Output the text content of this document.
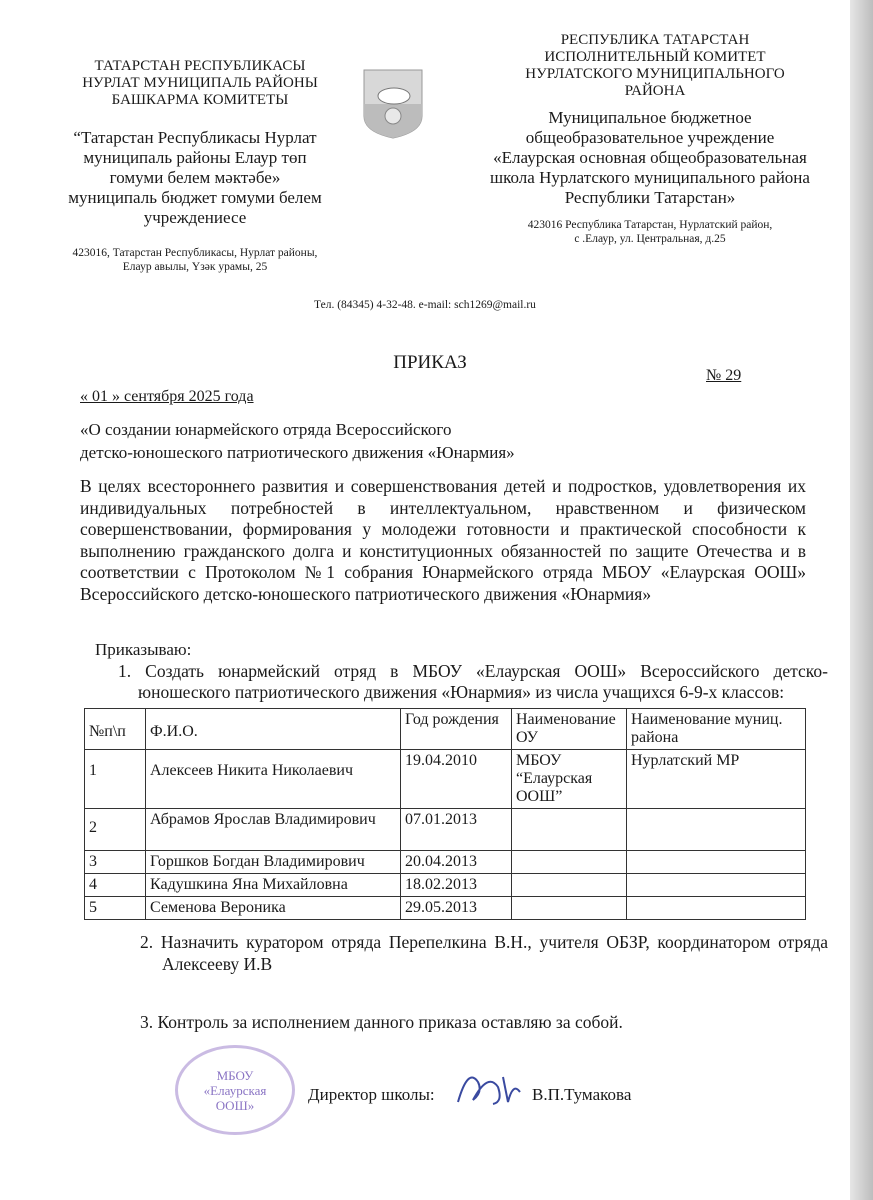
ТАТАРСТАН РЕСПУБЛИКАСЫ
НУРЛАТ МУНИЦИПАЛЬ РАЙОНЫ
БАШКАРМА КОМИТЕТЫ
“Татарстан Республикасы Нурлат
муниципаль районы Елаур төп
гомуми белем мәктәбе»
муниципаль бюджет гомуми белем
учреждениесе
423016, Татарстан Республикасы, Нурлат районы,
Елаур авылы, Үзәк урамы, 25
РЕСПУБЛИКА ТАТАРСТАН
ИСПОЛНИТЕЛЬНЫЙ КОМИТЕТ
НУРЛАТСКОГО МУНИЦИПАЛЬНОГО РАЙОНА
Муниципальное бюджетное
общеобразовательное учреждение
«Елаурская основная общеобразовательная
школа Нурлатского муниципального района
Республики Татарстан»
423016 Республика Татарстан, Нурлатский район,
с .Елаур, ул. Центральная, д.25
Тел. (84345) 4-32-48. e-mail: sch1269@mail.ru
ПРИКАЗ
№ 29
« 01 » сентября 2025 года
«О создании юнармейского отряда Всероссийского
детско-юношеского патриотического движения «Юнармия»
В целях всестороннего развития и совершенствования детей и подростков, удовлетворения их индивидуальных потребностей в интеллектуальном, нравственном и физическом совершенствовании, формирования у молодежи готовности и практической способности к выполнению гражданского долга и конституционных обязанностей по защите Отечества и в соответствии с Протоколом №1 собрания Юнармейского отряда МБОУ «Елаурская ООШ» Всероссийского детско-юношеского патриотического движения «Юнармия»
Приказываю:
1. Создать юнармейский отряд в МБОУ «Елаурская ООШ» Всероссийского детско-юношеского патриотического движения «Юнармия» из числа учащихся 6-9-х классов:
№п\п	Ф.И.О.	Год рождения	Наименование ОУ	Наименование муниц. района
1	Алексеев Никита Николаевич	19.04.2010	МБОУ “Елаурская ООШ”	Нурлатский МР
2	Абрамов Ярослав Владимирович	07.01.2013		
3	Горшков Богдан Владимирович	20.04.2013		
4	Кадушкина Яна Михайловна	18.02.2013		
5	Семенова Вероника	29.05.2013		
2. Назначить куратором отряда Перепелкина В.Н., учителя ОБЗР, координатором отряда Алексееву И.В
3. Контроль за исполнением данного приказа оставляю за собой.
МБОУ «Елаурская ООШ»
Директор школы:	В.П.Тумакова
